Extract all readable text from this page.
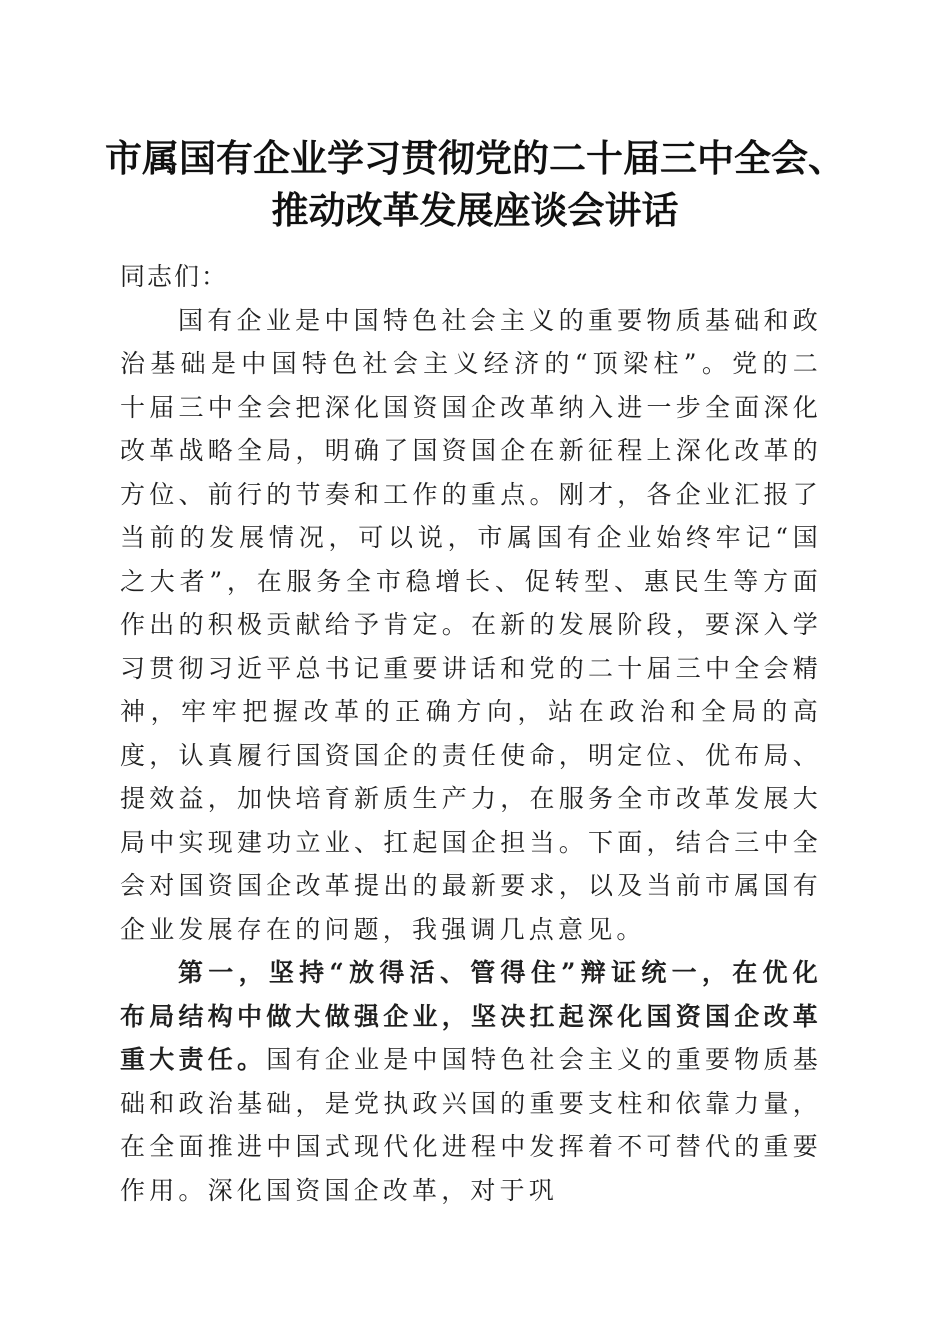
市属国有企业学习贯彻党的二十届三中全会、
推动改革发展座谈会讲话

同志们：

国有企业是中国特色社会主义的重要物质基础和政治基础是中国特色社会主义经济的“顶梁柱”。党的二十届三中全会把深化国资国企改革纳入进一步全面深化改革战略全局，明确了国资国企在新征程上深化改革的方位、前行的节奏和工作的重点。刚才，各企业汇报了当前的发展情况，可以说，市属国有企业始终牢记“国之大者”，在服务全市稳增长、促转型、惠民生等方面作出的积极贡献给予肯定。在新的发展阶段，要深入学习贯彻习近平总书记重要讲话和党的二十届三中全会精神，牢牢把握改革的正确方向，站在政治和全局的高度，认真履行国资国企的责任使命，明定位、优布局、提效益，加快培育新质生产力，在服务全市改革发展大局中实现建功立业、扛起国企担当。下面，结合三中全会对国资国企改革提出的最新要求，以及当前市属国有企业发展存在的问题，我强调几点意见。

第一，坚持“放得活、管得住”辩证统一，在优化布局结构中做大做强企业，坚决扛起深化国资国企改革重大责任。国有企业是中国特色社会主义的重要物质基础和政治基础，是党执政兴国的重要支柱和依靠力量，在全面推进中国式现代化进程中发挥着不可替代的重要作用。深化国资国企改革，对于巩
